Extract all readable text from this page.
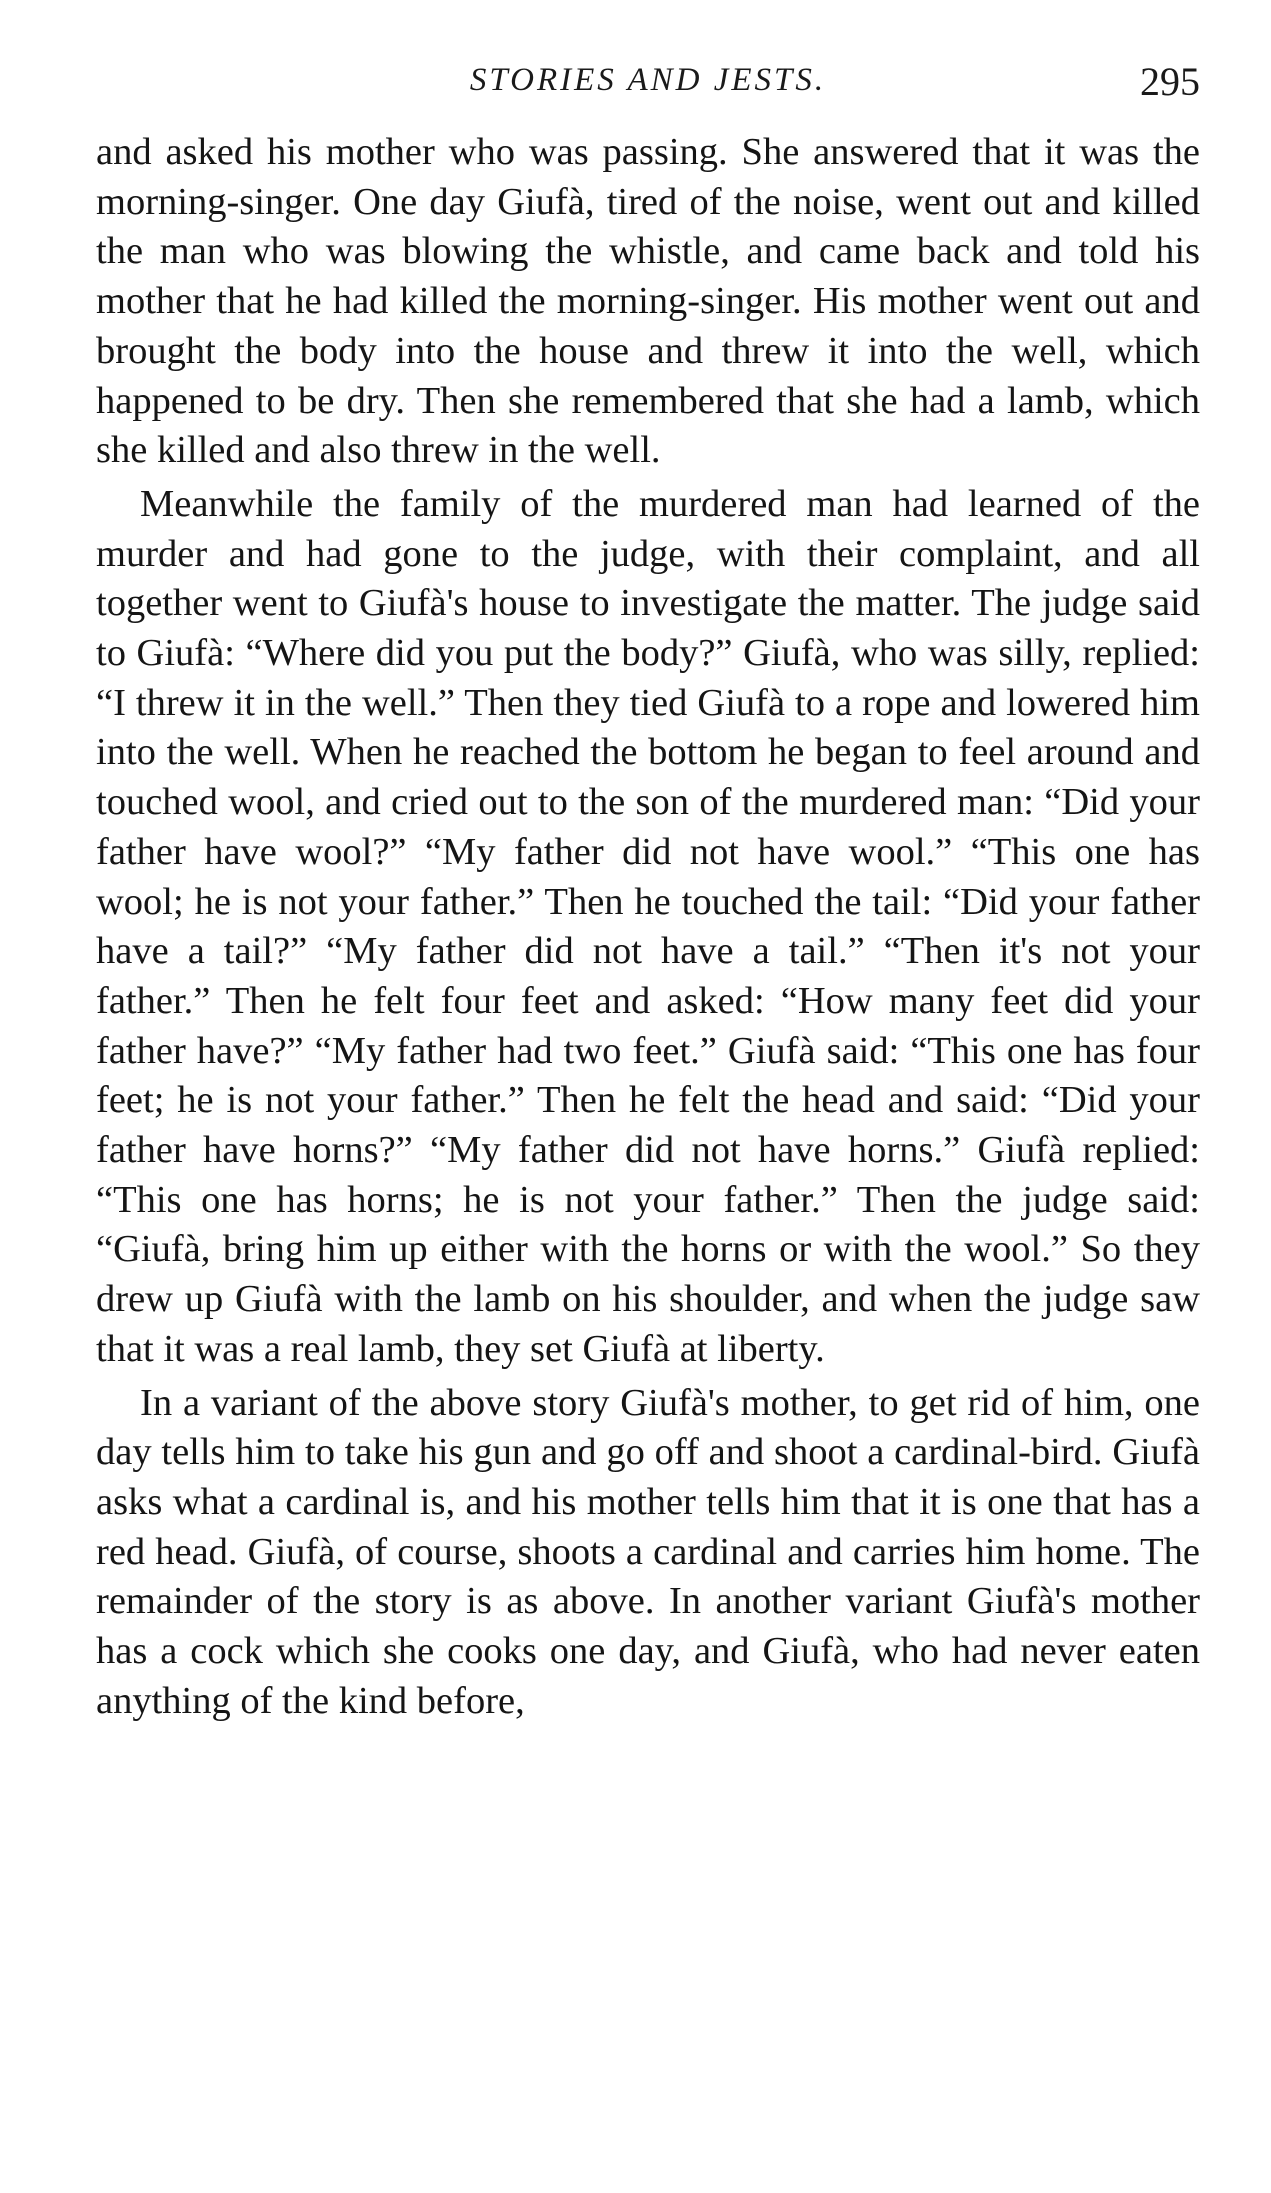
STORIES AND JESTS.	295

and asked his mother who was passing. She answered that it was the morning-singer. One day Giufà, tired of the noise, went out and killed the man who was blowing the whistle, and came back and told his mother that he had killed the morning-singer. His mother went out and brought the body into the house and threw it into the well, which happened to be dry. Then she remembered that she had a lamb, which she killed and also threw in the well.

Meanwhile the family of the murdered man had learned of the murder and had gone to the judge, with their complaint, and all together went to Giufà's house to investigate the matter. The judge said to Giufà: “Where did you put the body?” Giufà, who was silly, replied: “I threw it in the well.” Then they tied Giufà to a rope and lowered him into the well. When he reached the bottom he began to feel around and touched wool, and cried out to the son of the murdered man: “Did your father have wool?” “My father did not have wool.” “This one has wool; he is not your father.” Then he touched the tail: “Did your father have a tail?” “My father did not have a tail.” “Then it's not your father.” Then he felt four feet and asked: “How many feet did your father have?” “My father had two feet.” Giufà said: “This one has four feet; he is not your father.” Then he felt the head and said: “Did your father have horns?” “My father did not have horns.” Giufà replied: “This one has horns; he is not your father.” Then the judge said: “Giufà, bring him up either with the horns or with the wool.” So they drew up Giufà with the lamb on his shoulder, and when the judge saw that it was a real lamb, they set Giufà at liberty.

In a variant of the above story Giufà's mother, to get rid of him, one day tells him to take his gun and go off and shoot a cardinal-bird. Giufà asks what a cardinal is, and his mother tells him that it is one that has a red head. Giufà, of course, shoots a cardinal and carries him home. The remainder of the story is as above. In another variant Giufà's mother has a cock which she cooks one day, and Giufà, who had never eaten anything of the kind before,
